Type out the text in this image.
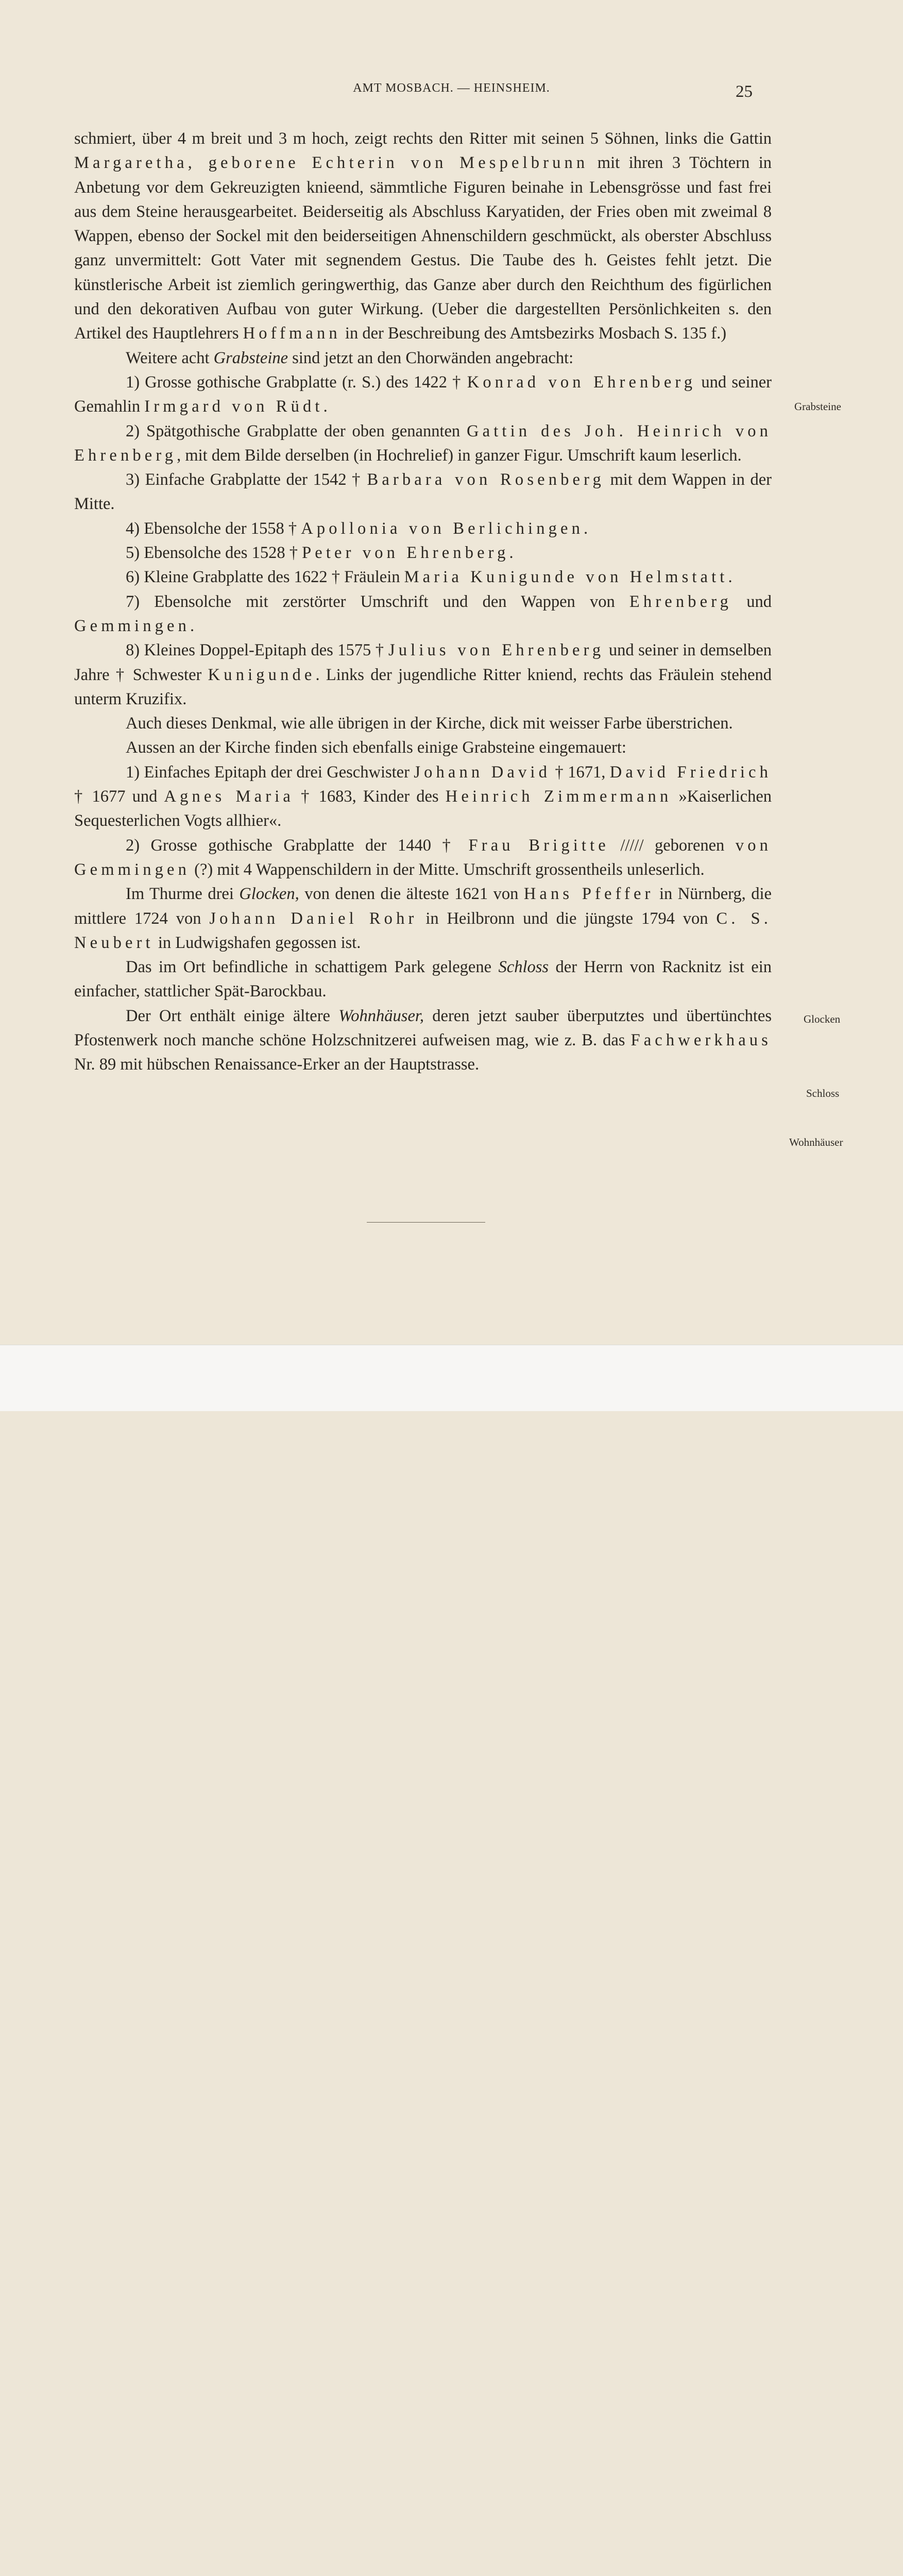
AMT MOSBACH. — HEINSHEIM.	25

schmiert, über 4 m breit und 3 m hoch, zeigt rechts den Ritter mit seinen 5 Söhnen, links die Gattin Margaretha, geborene Echterin von Mespelbrunn mit ihren 3 Töchtern in Anbetung vor dem Gekreuzigten knieend, sämmtliche Figuren beinahe in Lebensgrösse und fast frei aus dem Steine herausgearbeitet. Beiderseitig als Abschluss Karyatiden, der Fries oben mit zweimal 8 Wappen, ebenso der Sockel mit den beiderseitigen Ahnenschildern geschmückt, als oberster Abschluss ganz unvermittelt: Gott Vater mit segnendem Gestus. Die Taube des h. Geistes fehlt jetzt. Die künstlerische Arbeit ist ziemlich geringwerthig, das Ganze aber durch den Reichthum des figürlichen und den dekorativen Aufbau von guter Wirkung. (Ueber die dargestellten Persönlichkeiten s. den Artikel des Hauptlehrers Hoffmann in der Beschreibung des Amtsbezirks Mosbach S. 135 f.)

Weitere acht Grabsteine sind jetzt an den Chorwänden angebracht:

1) Grosse gothische Grabplatte (r. S.) des 1422 † Konrad von Ehrenberg und seiner Gemahlin Irmgard von Rüdt.

2) Spätgothische Grabplatte der oben genannten Gattin des Joh. Heinrich von Ehrenberg, mit dem Bilde derselben (in Hochrelief) in ganzer Figur. Umschrift kaum leserlich.

3) Einfache Grabplatte der 1542 † Barbara von Rosenberg mit dem Wappen in der Mitte.

4) Ebensolche der 1558 † Apollonia von Berlichingen.

5) Ebensolche des 1528 † Peter von Ehrenberg.

6) Kleine Grabplatte des 1622 † Fräulein Maria Kunigunde von Helmstatt.

7) Ebensolche mit zerstörter Umschrift und den Wappen von Ehrenberg und Gemmingen.

8) Kleines Doppel-Epitaph des 1575 † Julius von Ehrenberg und seiner in demselben Jahre † Schwester Kunigunde. Links der jugendliche Ritter kniend, rechts das Fräulein stehend unterm Kruzifix.

Auch dieses Denkmal, wie alle übrigen in der Kirche, dick mit weisser Farbe überstrichen.

Aussen an der Kirche finden sich ebenfalls einige Grabsteine eingemauert:

1) Einfaches Epitaph der drei Geschwister Johann David † 1671, David Friedrich † 1677 und Agnes Maria † 1683, Kinder des Heinrich Zimmermann »Kaiserlichen Sequesterlichen Vogts allhier«.

2) Grosse gothische Grabplatte der 1440 † Frau Brigitte ///// geborenen von Gemmingen (?) mit 4 Wappenschildern in der Mitte. Umschrift grossentheils unleserlich.

Im Thurme drei Glocken, von denen die älteste 1621 von Hans Pfeffer in Nürnberg, die mittlere 1724 von Johann Daniel Rohr in Heilbronn und die jüngste 1794 von C. S. Neubert in Ludwigshafen gegossen ist.

Das im Ort befindliche in schattigem Park gelegene Schloss der Herrn von Racknitz ist ein einfacher, stattlicher Spät-Barockbau.

Der Ort enthält einige ältere Wohnhäuser, deren jetzt sauber überputztes und übertünchtes Pfostenwerk noch manche schöne Holzschnitzerei aufweisen mag, wie z. B. das Fachwerkhaus Nr. 89 mit hübschen Renaissance-Erker an der Hauptstrasse.

Grabsteine
Glocken
Schloss
Wohnhäuser
